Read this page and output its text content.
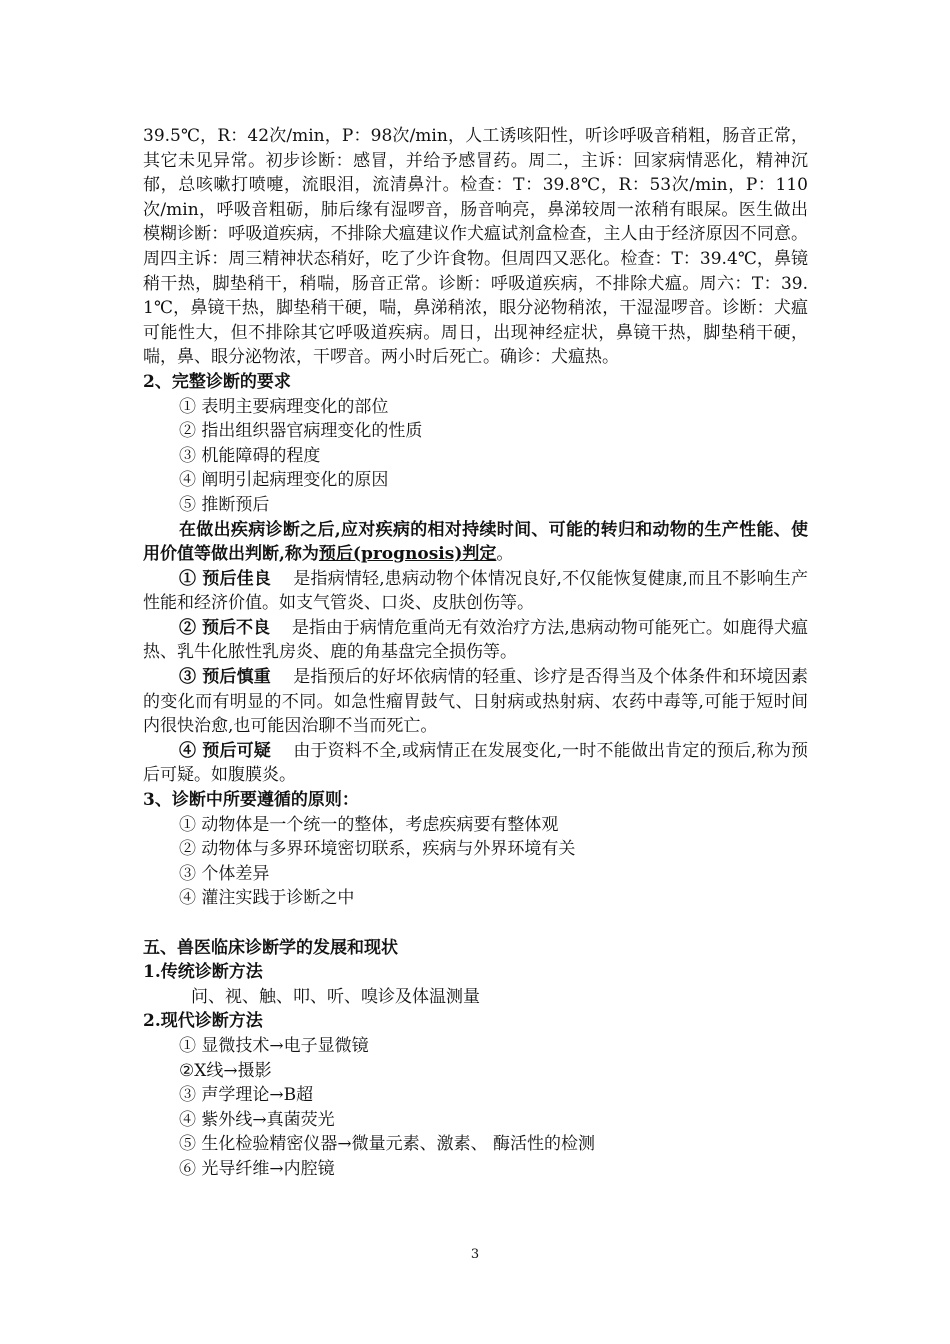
39.5℃，R：42次/min，P：98次/min，人工诱咳阳性，听诊呼吸音稍粗，肠音正常，其它未见异常。初步诊断：感冒，并给予感冒药。周二，主诉：回家病情恶化，精神沉郁，总咳嗽打喷嚏，流眼泪，流清鼻汁。检查：T：39.8℃，R：53次/min，P：110次/min，呼吸音粗砺，肺后缘有湿啰音，肠音响亮，鼻涕较周一浓稍有眼屎。医生做出模糊诊断：呼吸道疾病，不排除犬瘟建议作犬瘟试剂盒检查，主人由于经济原因不同意。周四主诉：周三精神状态稍好，吃了少许食物。但周四又恶化。检查：T：39.4℃，鼻镜稍干热，脚垫稍干，稍喘，肠音正常。诊断：呼吸道疾病，不排除犬瘟。周六：T：39.1℃，鼻镜干热，脚垫稍干硬，喘，鼻涕稍浓，眼分泌物稍浓，干湿湿啰音。诊断：犬瘟可能性大，但不排除其它呼吸道疾病。周日，出现神经症状，鼻镜干热，脚垫稍干硬，喘，鼻、眼分泌物浓，干啰音。两小时后死亡。确诊：犬瘟热。

2、完整诊断的要求

① 表明主要病理变化的部位

② 指出组织器官病理变化的性质

③ 机能障碍的程度

④ 阐明引起病理变化的原因

⑤ 推断预后

在做出疾病诊断之后,应对疾病的相对持续时间、可能的转归和动物的生产性能、使用价值等做出判断,称为预后(prognosis)判定。

① 预后佳良 是指病情轻,患病动物个体情况良好,不仅能恢复健康,而且不影响生产性能和经济价值。如支气管炎、口炎、皮肤创伤等。

② 预后不良 是指由于病情危重尚无有效治疗方法,患病动物可能死亡。如鹿得犬瘟热、乳牛化脓性乳房炎、鹿的角基盘完全损伤等。

③ 预后慎重 是指预后的好坏依病情的轻重、诊疗是否得当及个体条件和环境因素的变化而有明显的不同。如急性瘤胃鼓气、日射病或热射病、农药中毒等,可能于短时间内很快治愈,也可能因治聊不当而死亡。

④ 预后可疑 由于资料不全,或病情正在发展变化,一时不能做出肯定的预后,称为预后可疑。如腹膜炎。

3、诊断中所要遵循的原则：

① 动物体是一个统一的整体，考虑疾病要有整体观

② 动物体与多界环境密切联系，疾病与外界环境有关

③ 个体差异

④ 灌注实践于诊断之中

五、兽医临床诊断学的发展和现状

1.传统诊断方法

问、视、触、叩、听、嗅诊及体温测量

2.现代诊断方法

① 显微技术→电子显微镜

②X线→摄影

③ 声学理论→B超

④ 紫外线→真菌荧光

⑤ 生化检验精密仪器→微量元素、激素、 酶活性的检测

⑥ 光导纤维→内腔镜

3
